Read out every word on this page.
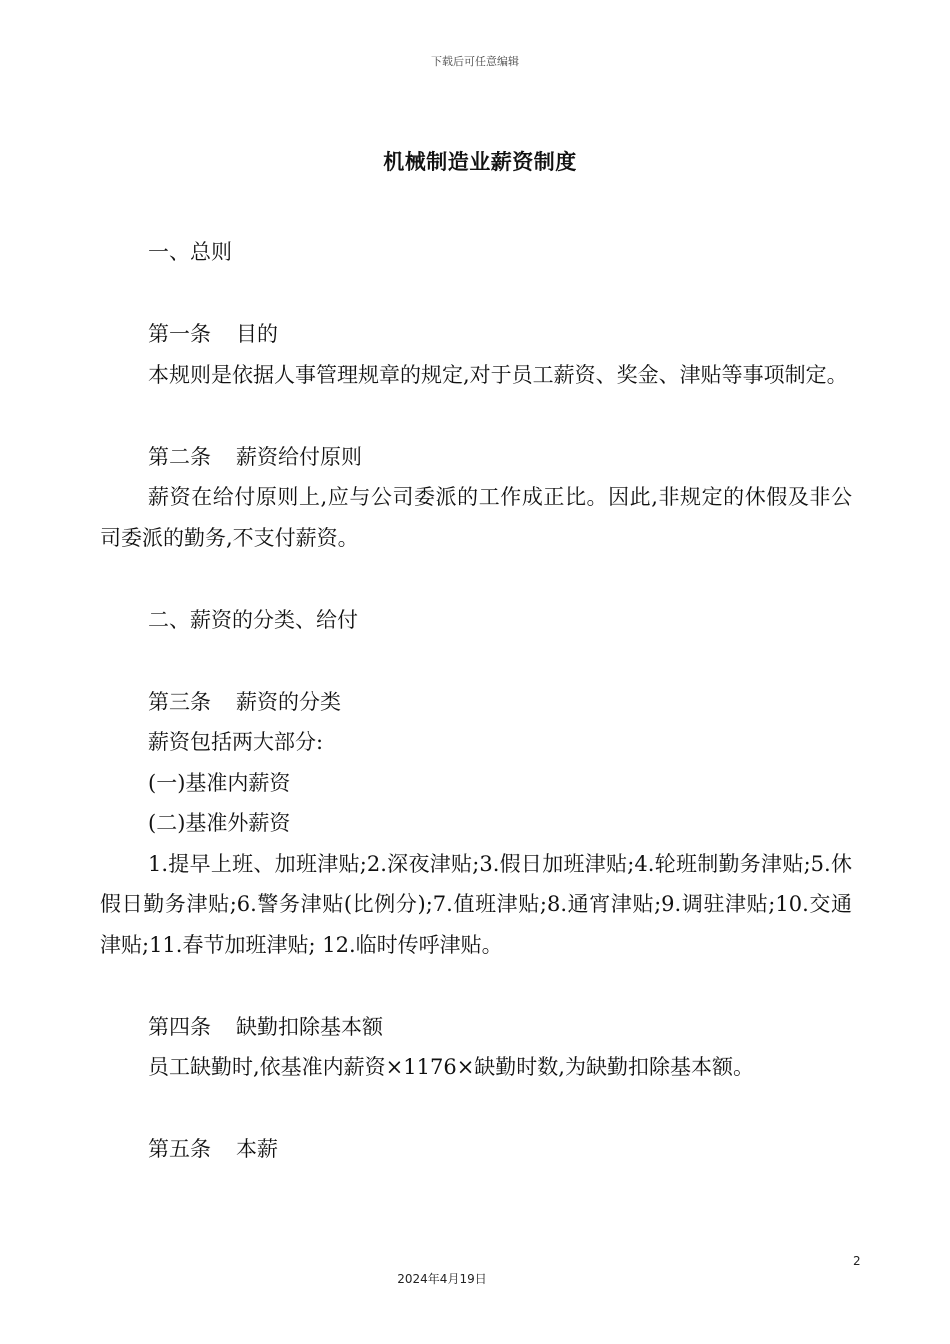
下载后可任意编辑
机械制造业薪资制度

一、总则

第一条 目的

本规则是依据人事管理规章的规定,对于员工薪资、奖金、津贴等事项制定。

第二条 薪资给付原则

薪资在给付原则上,应与公司委派的工作成正比。因此,非规定的休假及非公司委派的勤务,不支付薪资。

二、薪资的分类、给付

第三条 薪资的分类

薪资包括两大部分:

(一)基准内薪资

(二)基准外薪资

1.提早上班、加班津贴;2.深夜津贴;3.假日加班津贴;4.轮班制勤务津贴;5.休假日勤务津贴;6.警务津贴(比例分);7.值班津贴;8.通宵津贴;9.调驻津贴;10.交通津贴;11.春节加班津贴; 12.临时传呼津贴。

第四条 缺勤扣除基本额

员工缺勤时,依基准内薪资×1176×缺勤时数,为缺勤扣除基本额。

第五条 本薪

2
2024年4月19日
